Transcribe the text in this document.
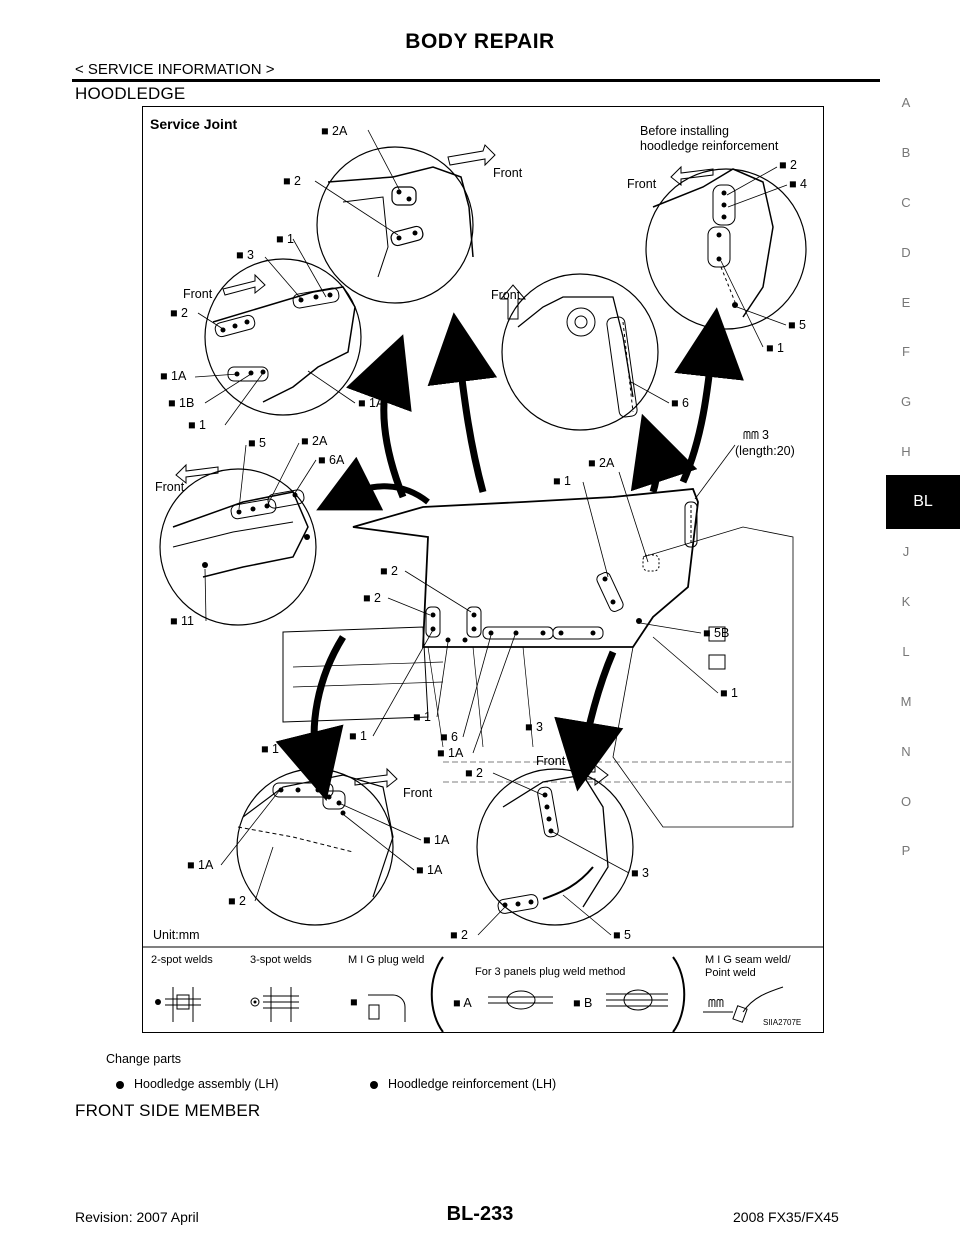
BODY REPAIR
< SERVICE INFORMATION >
HOODLEDGE	A
B
C
D
E
F
G
H
BL
J
K
L
M
N
O
P
Service Joint
Front
■ 2A
■ 2
Front
■ 1
■ 3
■ 2
■ 1A
■ 1B
■ 1
■ 1A
Before installing
hoodledge reinforcement
Front
■ 2
■ 4
■ 5
■ 1
Front
■ 6
Front
■ 5	■ 2A
■ 6A
■ 11
ᗰᗰ 3
(length:20)
■ 1
■ 2A
■ 2
■ 2
■ 5B
■ 1
■ 1
■ 6
■ 1
■ 3
■ 1A
Front
■ 1
■ 1A
■ 1A
■ 1A
■ 2
Front
■ 2
■ 3
■ 2	■ 5
Unit:mm
2-spot welds	3-spot welds	M I G plug weld
For 3 panels plug weld method
M I G seam weld/
Point weld
■	■ A	■ B	ᗰᗰ
SIIA2707E
Change parts
Hoodledge assembly (LH)	Hoodledge reinforcement (LH)
FRONT SIDE MEMBER
Revision: 2007 April	BL-233	2008 FX35/FX45
